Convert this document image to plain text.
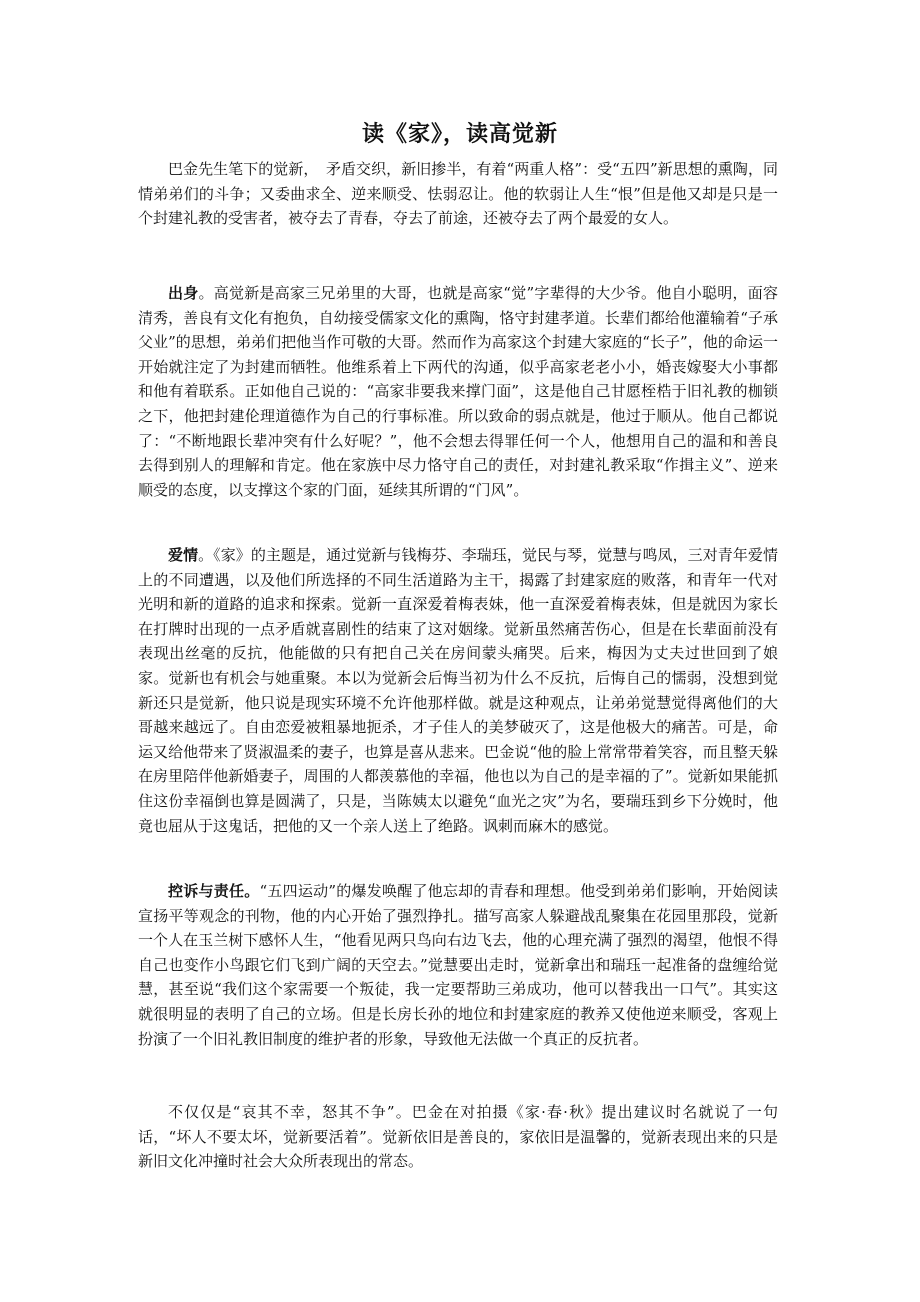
读《家》，读高觉新

巴金先生笔下的觉新，　矛盾交织，新旧掺半，有着“两重人格”：受“五四”新思想的熏陶，同情弟弟们的斗争；又委曲求全、逆来顺受、怯弱忍让。他的软弱让人生“恨”但是他又却是只是一个封建礼教的受害者，被夺去了青春，夺去了前途，还被夺去了两个最爱的女人。

出身。高觉新是高家三兄弟里的大哥，也就是高家“觉”字辈得的大少爷。他自小聪明，面容清秀，善良有文化有抱负，自幼接受儒家文化的熏陶，恪守封建孝道。长辈们都给他灌输着“子承父业”的思想，弟弟们把他当作可敬的大哥。然而作为高家这个封建大家庭的“长子”，他的命运一开始就注定了为封建而牺牲。他维系着上下两代的沟通，似乎高家老老小小，婚丧嫁娶大小事都和他有着联系。正如他自己说的：“高家非要我来撑门面”，这是他自己甘愿桎梏于旧礼教的枷锁之下，他把封建伦理道德作为自己的行事标准。所以致命的弱点就是，他过于顺从。他自己都说了：“不断地跟长辈冲突有什么好呢？”，他不会想去得罪任何一个人，他想用自己的温和和善良去得到别人的理解和肯定。他在家族中尽力恪守自己的责任，对封建礼教采取“作揖主义”、逆来顺受的态度，以支撑这个家的门面，延续其所谓的“门风”。

爱情。《家》的主题是，通过觉新与钱梅芬、李瑞珏，觉民与琴，觉慧与鸣凤，三对青年爱情上的不同遭遇，以及他们所选择的不同生活道路为主干，揭露了封建家庭的败落，和青年一代对光明和新的道路的追求和探索。觉新一直深爱着梅表妹，他一直深爱着梅表妹，但是就因为家长在打牌时出现的一点矛盾就喜剧性的结束了这对姻缘。觉新虽然痛苦伤心，但是在长辈面前没有表现出丝毫的反抗，他能做的只有把自己关在房间蒙头痛哭。后来，梅因为丈夫过世回到了娘家。觉新也有机会与她重聚。本以为觉新会后悔当初为什么不反抗，后悔自己的懦弱，没想到觉新还只是觉新，他只说是现实环境不允许他那样做。就是这种观点，让弟弟觉慧觉得离他们的大哥越来越远了。自由恋爱被粗暴地扼杀，才子佳人的美梦破灭了，这是他极大的痛苦。可是，命运又给他带来了贤淑温柔的妻子，也算是喜从悲来。巴金说“他的脸上常常带着笑容，而且整天躲在房里陪伴他新婚妻子，周围的人都羡慕他的幸福，他也以为自己的是幸福的了”。觉新如果能抓住这份幸福倒也算是圆满了，只是，当陈姨太以避免“血光之灾”为名，要瑞珏到乡下分娩时，他竟也屈从于这鬼话，把他的又一个亲人送上了绝路。讽刺而麻木的感觉。

控诉与责任。“五四运动”的爆发唤醒了他忘却的青春和理想。他受到弟弟们影响，开始阅读宣扬平等观念的刊物，他的内心开始了强烈挣扎。描写高家人躲避战乱聚集在花园里那段，觉新一个人在玉兰树下感怀人生，“他看见两只鸟向右边飞去，他的心理充满了强烈的渴望，他恨不得自己也变作小鸟跟它们飞到广阔的天空去。”觉慧要出走时，觉新拿出和瑞珏一起准备的盘缠给觉慧，甚至说“我们这个家需要一个叛徒，我一定要帮助三弟成功，他可以替我出一口气”。其实这就很明显的表明了自己的立场。但是长房长孙的地位和封建家庭的教养又使他逆来顺受，客观上扮演了一个旧礼教旧制度的维护者的形象，导致他无法做一个真正的反抗者。

不仅仅是“哀其不幸，怒其不争”。巴金在对拍摄《家·春·秋》提出建议时名就说了一句话，“坏人不要太坏，觉新要活着”。觉新依旧是善良的，家依旧是温馨的，觉新表现出来的只是新旧文化冲撞时社会大众所表现出的常态。
